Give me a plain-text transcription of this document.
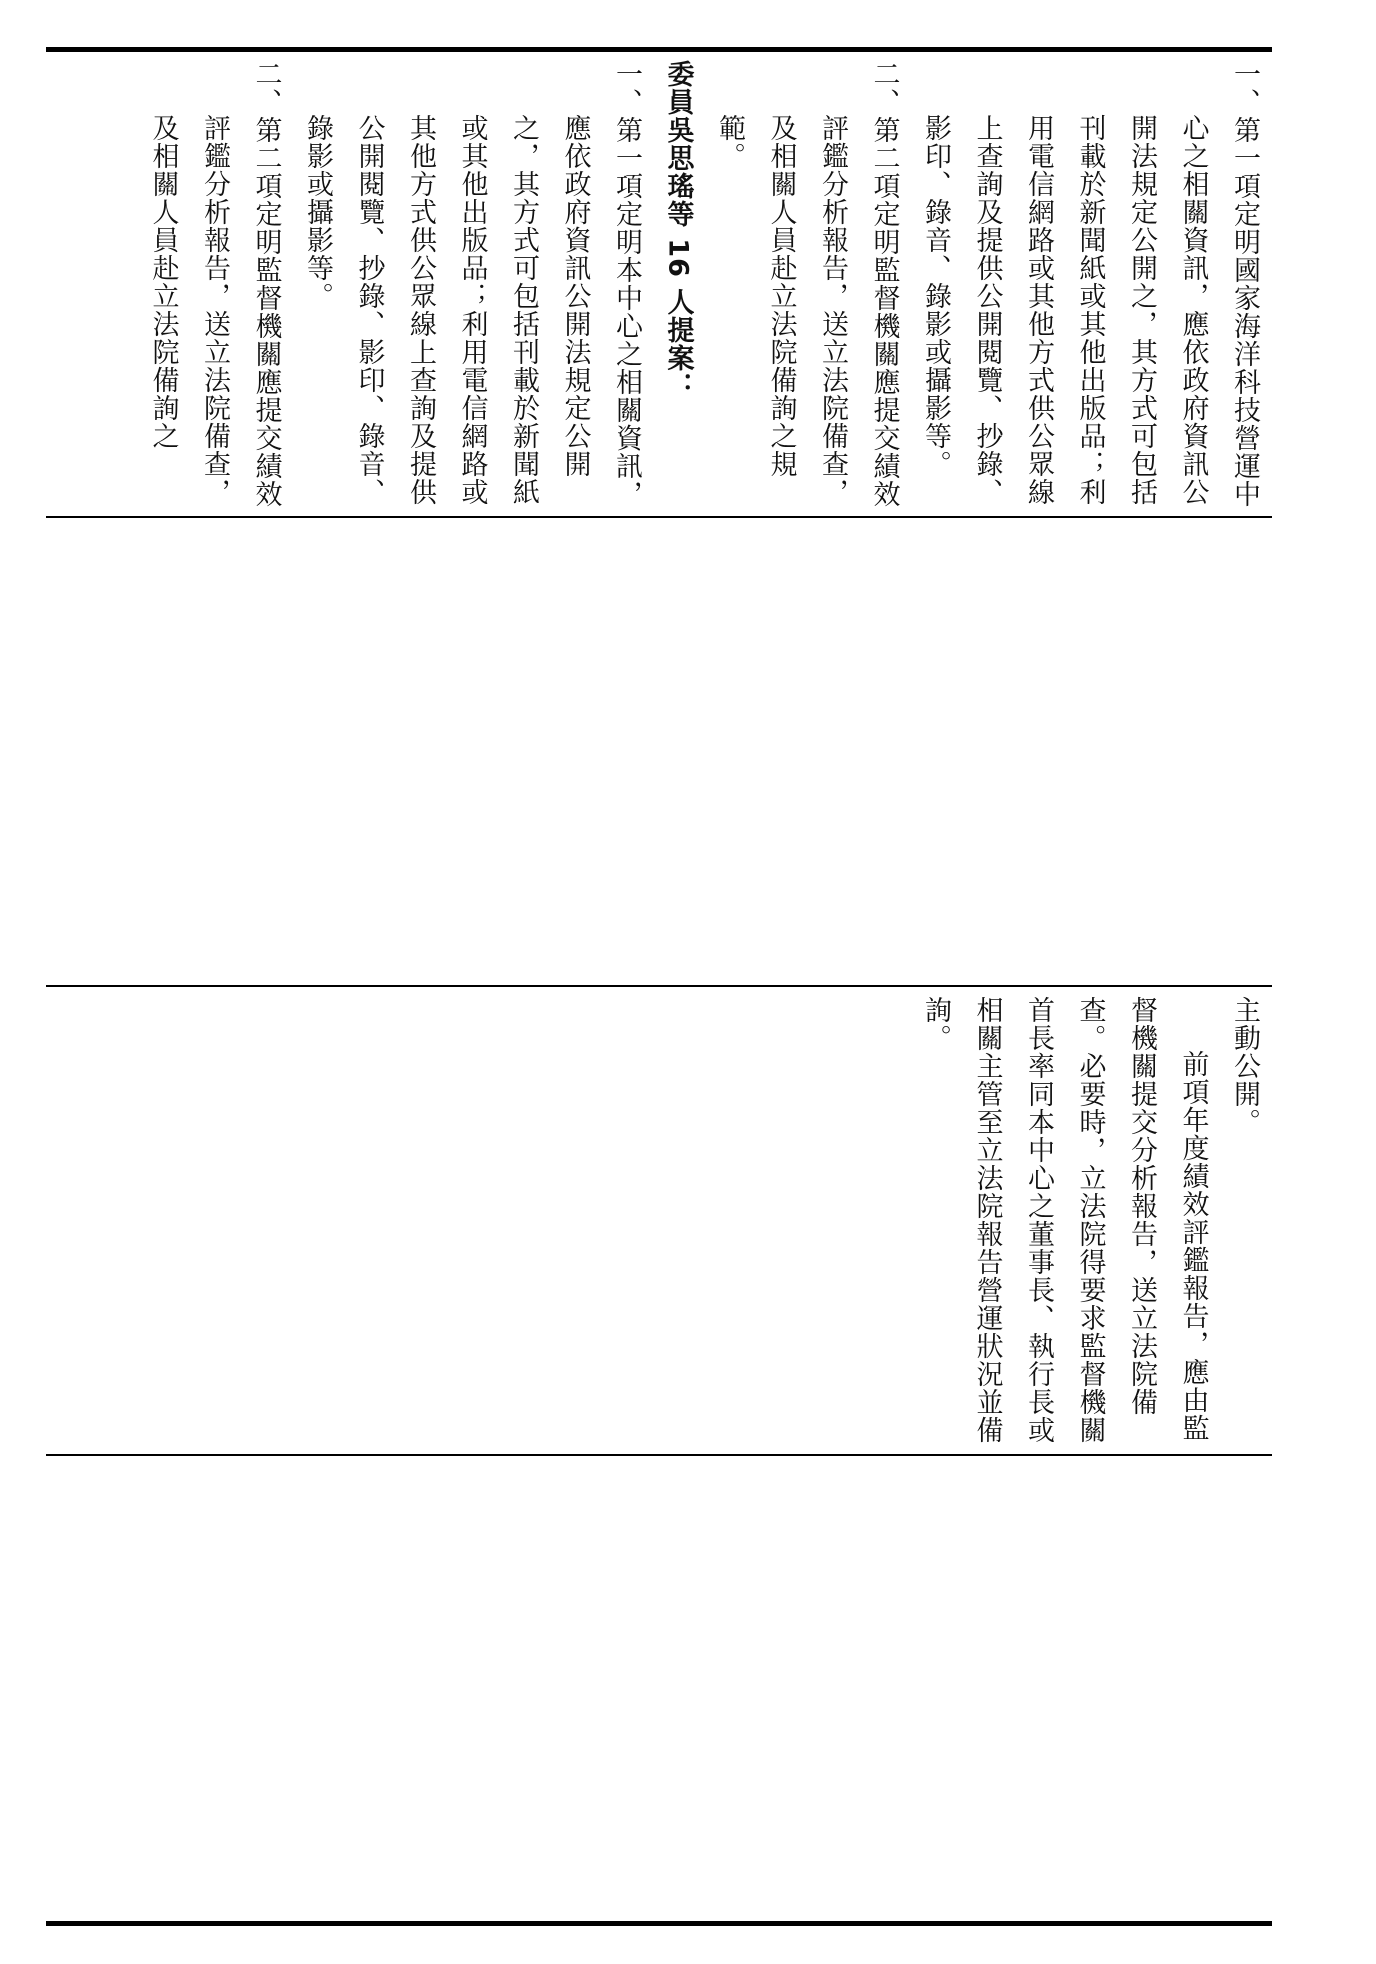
一、第一項定明國家海洋科技營運中心之相關資訊，應依政府資訊公開法規定公開之，其方式可包括刊載於新聞紙或其他出版品；利用電信網路或其他方式供公眾線上查詢及提供公開閱覽、抄錄、影印、錄音、錄影或攝影等。

二、第二項定明監督機關應提交績效評鑑分析報告，送立法院備查，及相關人員赴立法院備詢之規範。

委員吳思瑤等 16 人提案：

一、第一項定明本中心之相關資訊，應依政府資訊公開法規定公開之，其方式可包括刊載於新聞紙或其他出版品；利用電信網路或其他方式供公眾線上查詢及提供公開閱覽、抄錄、影印、錄音、錄影或攝影等。

二、第二項定明監督機關應提交績效評鑑分析報告，送立法院備查，及相關人員赴立法院備詢之

主動公開。

前項年度績效評鑑報告，應由監督機關提交分析報告，送立法院備查。必要時，立法院得要求監督機關首長率同本中心之董事長、執行長或相關主管至立法院報告營運狀況並備詢。
